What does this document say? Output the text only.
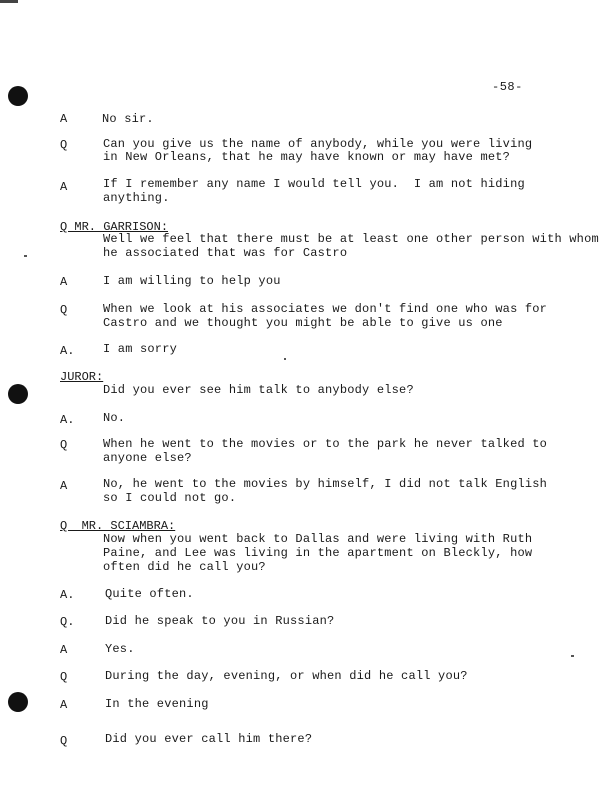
-58-
A	No sir.
Q	Can you give us the name of anybody, while you were living
in New Orleans, that he may have known or may have met?
A	If I remember any name I would tell you.  I am not hiding
anything.
Q MR. GARRISON:
Well we feel that there must be at least one other person with whom
he associated that was for Castro
A	I am willing to help you
Q	When we look at his associates we don't find one who was for
Castro and we thought you might be able to give us one
A. I am sorry
JUROR:
Did you ever see him talk to anybody else?
A. No.
Q	When he went to the movies or to the park he never talked to
anyone else?
A	No, he went to the movies by himself, I did not talk English
so I could not go.
Q  MR. SCIAMBRA:
Now when you went back to Dallas and were living with Ruth
Paine, and Lee was living in the apartment on Bleckly, how
often did he call you?
A.	Quite often.
Q.	Did he speak to you in Russian?
A	Yes.
Q	During the day, evening, or when did he call you?
A	In the evening
Q	Did you ever call him there?
